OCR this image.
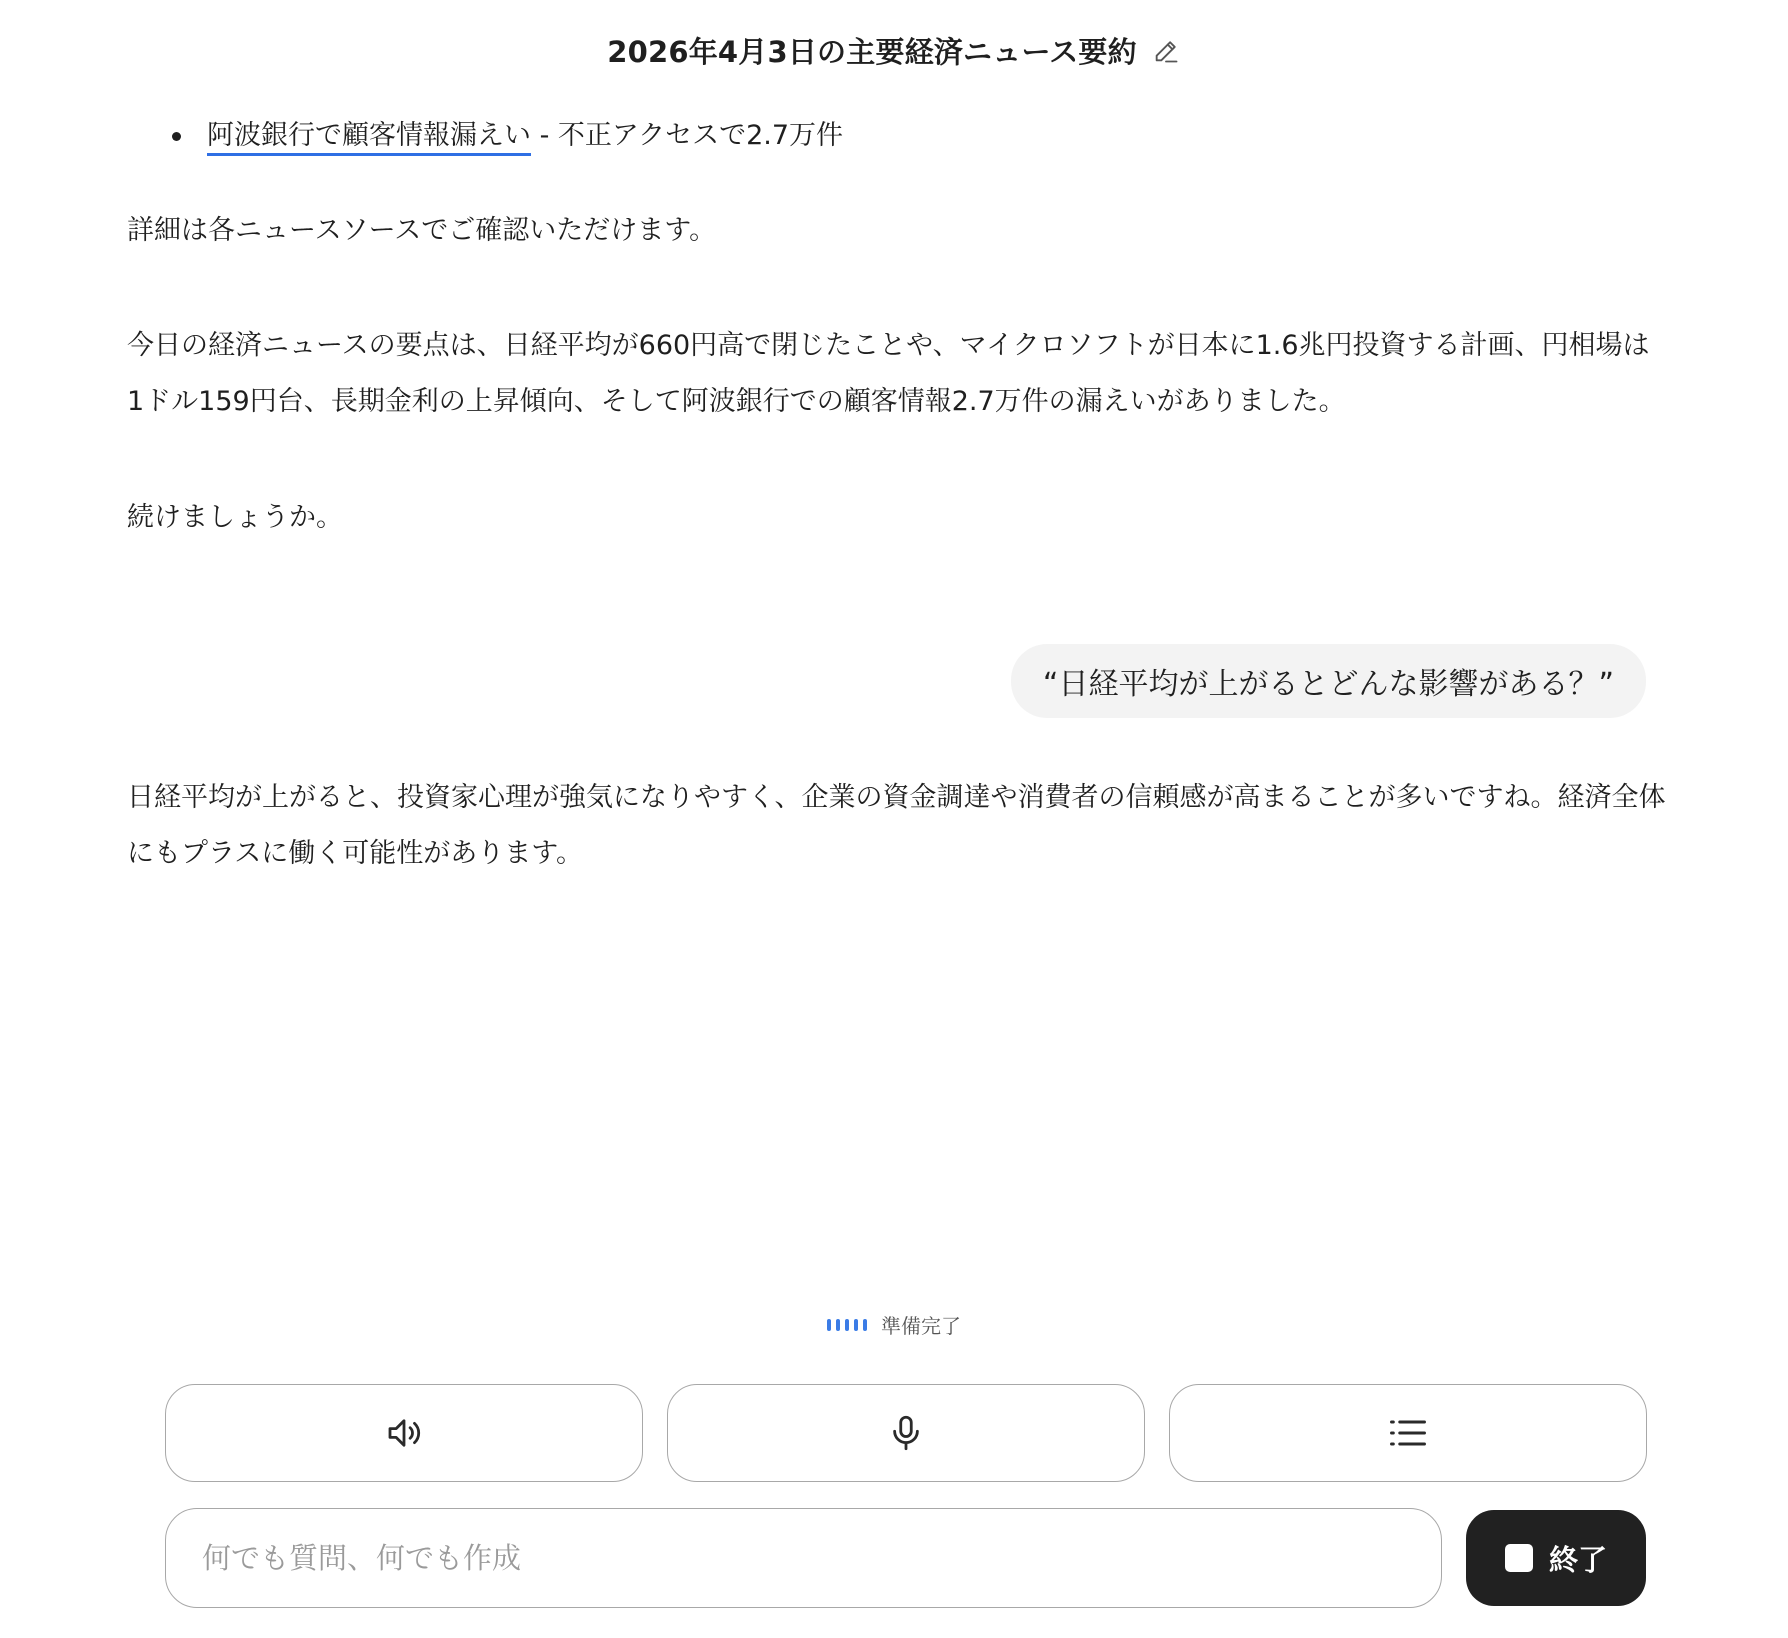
2026年4月3日の主要経済ニュース要約
阿波銀行で顧客情報漏えい - 不正アクセスで2.7万件

詳細は各ニュースソースでご確認いただけます。

今日の経済ニュースの要点は、日経平均が660円高で閉じたことや、マイクロソフトが日本に1.6兆円投資する計画、円相場は1ドル159円台、長期金利の上昇傾向、そして阿波銀行での顧客情報2.7万件の漏えいがありました。

続けましょうか。

日経平均が上がると、投資家心理が強気になりやすく、企業の資金調達や消費者の信頼感が高まることが多いですね。経済全体にもプラスに働く可能性があります。

“日経平均が上がるとどんな影響がある？”
準備完了
何でも質問、何でも作成
終了
